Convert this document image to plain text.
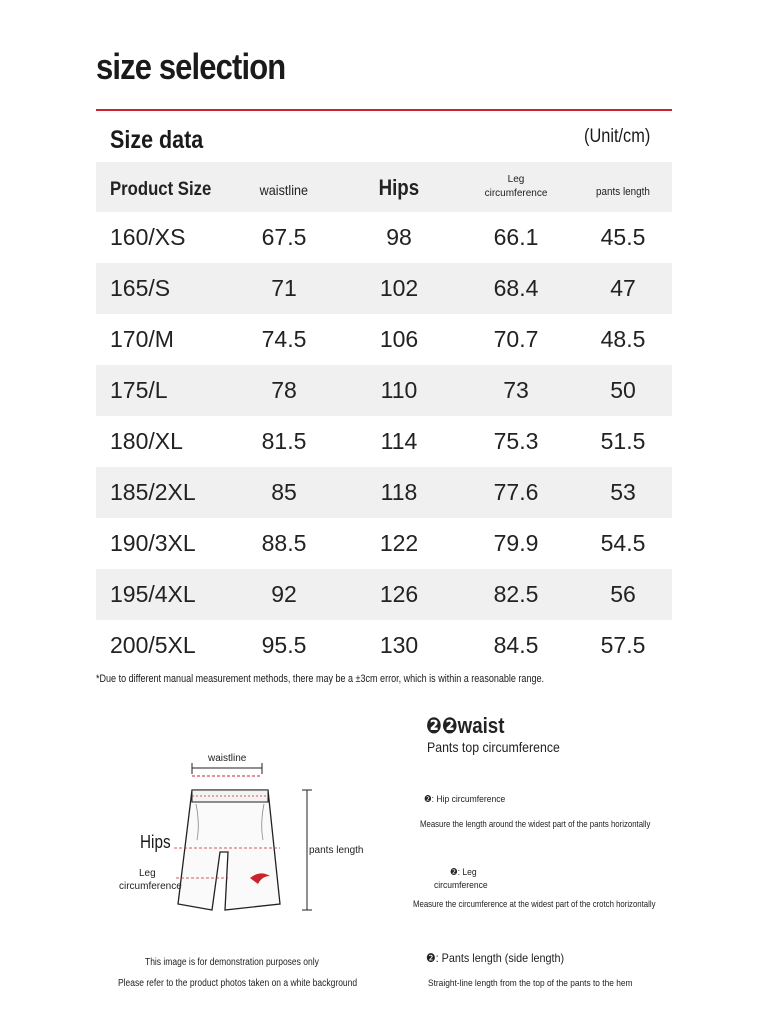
size selection
Size data	(Unit/cm)
Product Size	waistline	Hips	Leg circumference	pants length
160/XS	67.5	98	66.1	45.5
165/S	71	102	68.4	47
170/M	74.5	106	70.7	48.5
175/L	78	110	73	50
180/XL	81.5	114	75.3	51.5
185/2XL	85	118	77.6	53
190/3XL	88.5	122	79.9	54.5
195/4XL	92	126	82.5	56
200/5XL	95.5	130	84.5	57.5
*Due to different manual measurement methods, there may be a ±3cm error, which is within a reasonable range.
waistline
Hips
Leg
circumference
pants length
This image is for demonstration purposes only
Please refer to the product photos taken on a white background
❷❷waist
Pants top circumference
❷: Hip circumference
Measure the length around the widest part of the pants horizontally
❷: Leg
circumference
Measure the circumference at the widest part of the crotch horizontally
❷: Pants length (side length)
Straight-line length from the top of the pants to the hem
